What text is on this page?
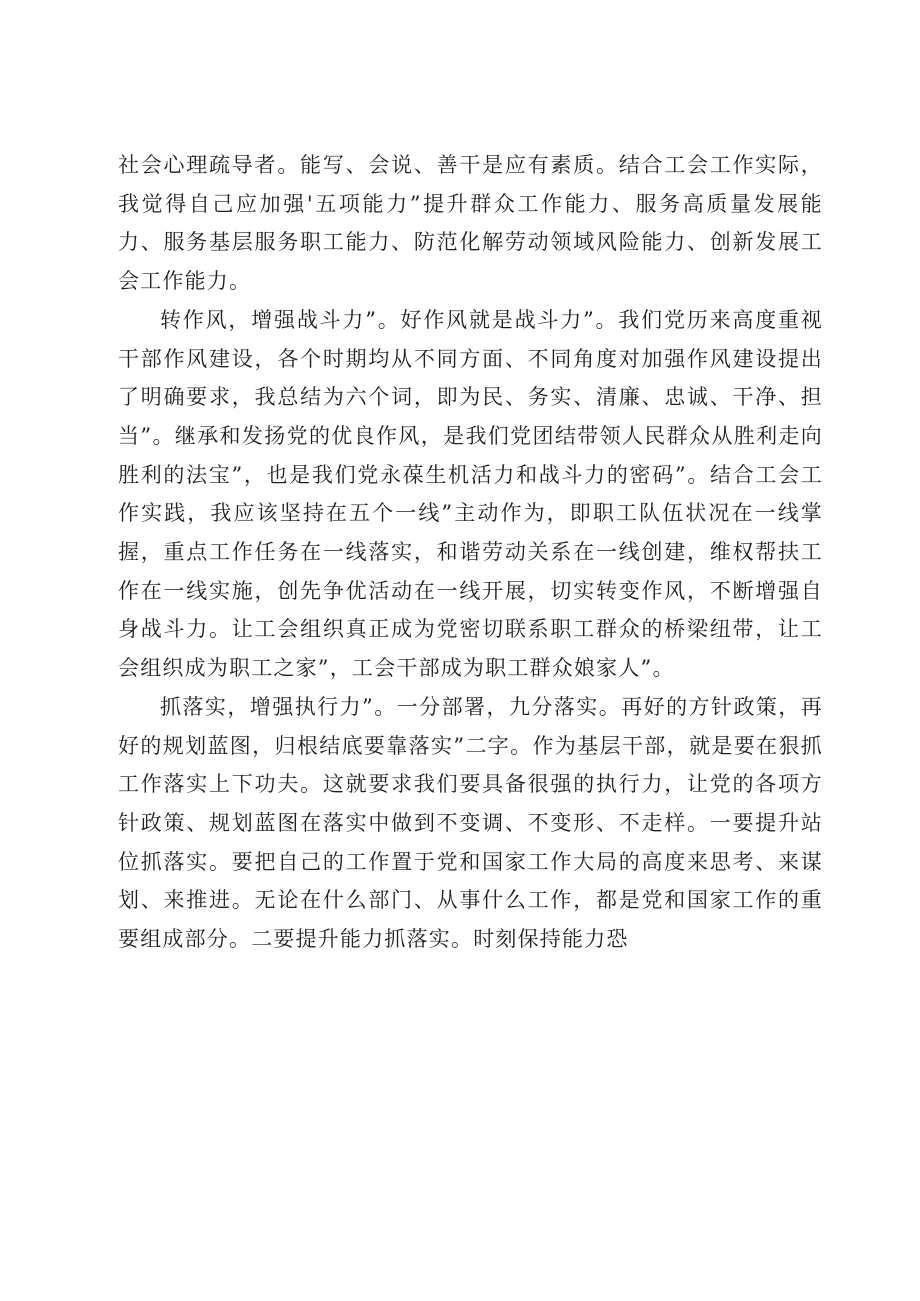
社会心理疏导者。能写、会说、善干是应有素质。结合工会工作实际，我觉得自己应加强'五项能力”提升群众工作能力、服务高质量发展能力、服务基层服务职工能力、防范化解劳动领域风险能力、创新发展工会工作能力。

转作风，增强战斗力”。好作风就是战斗力”。我们党历来高度重视干部作风建设，各个时期均从不同方面、不同角度对加强作风建设提出了明确要求，我总结为六个词，即为民、务实、清廉、忠诚、干净、担当”。继承和发扬党的优良作风，是我们党团结带领人民群众从胜利走向胜利的法宝”，也是我们党永葆生机活力和战斗力的密码”。结合工会工作实践，我应该坚持在五个一线”主动作为，即职工队伍状况在一线掌握，重点工作任务在一线落实，和谐劳动关系在一线创建，维权帮扶工作在一线实施，创先争优活动在一线开展，切实转变作风，不断增强自身战斗力。让工会组织真正成为党密切联系职工群众的桥梁纽带，让工会组织成为职工之家”，工会干部成为职工群众娘家人”。

抓落实，增强执行力”。一分部署，九分落实。再好的方针政策，再好的规划蓝图，归根结底要靠落实”二字。作为基层干部，就是要在狠抓工作落实上下功夫。这就要求我们要具备很强的执行力，让党的各项方针政策、规划蓝图在落实中做到不变调、不变形、不走样。一要提升站位抓落实。要把自己的工作置于党和国家工作大局的高度来思考、来谋划、来推进。无论在什么部门、从事什么工作，都是党和国家工作的重要组成部分。二要提升能力抓落实。时刻保持能力恐
